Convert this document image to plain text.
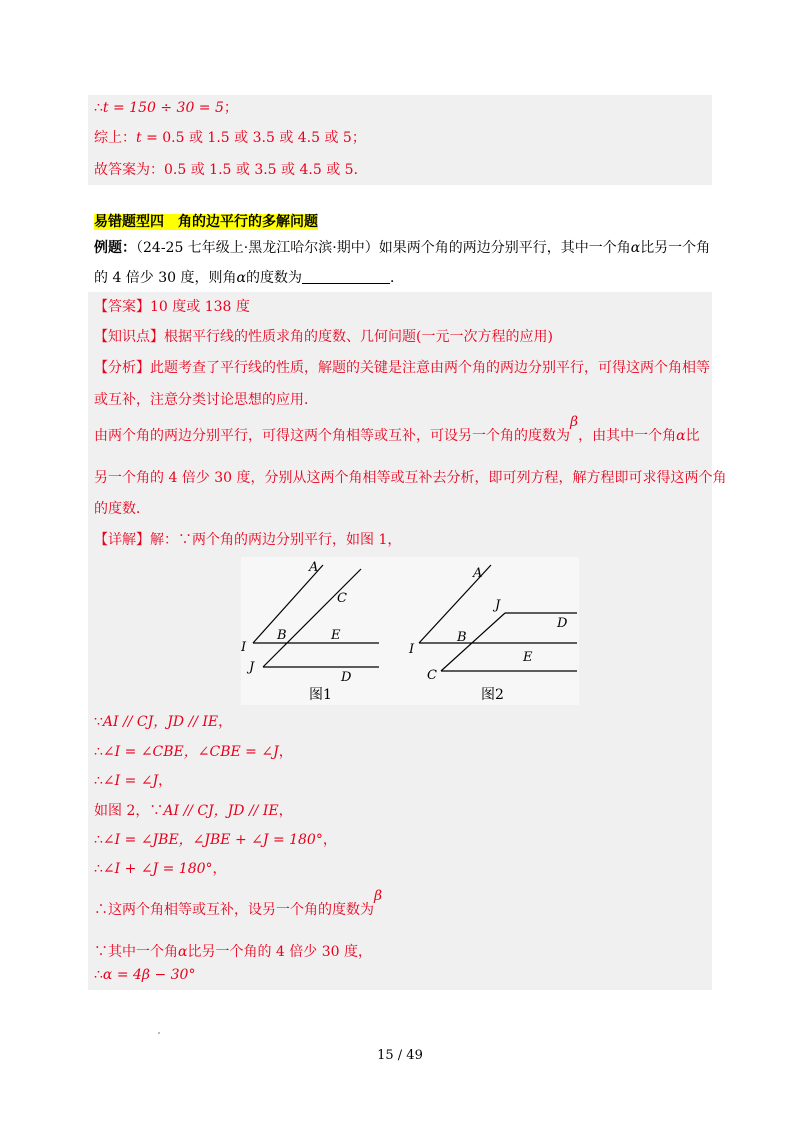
∴t = 150 ÷ 30 = 5；
综上：t = 0.5 或 1.5 或 3.5 或 4.5 或 5；
故答案为：0.5 或 1.5 或 3.5 或 4.5 或 5．
易错题型四　角的边平行的多解问题
例题：（24-25 七年级上·黑龙江哈尔滨·期中）如果两个角的两边分别平行，其中一个角α比另一个角
的 4 倍少 30 度，则角α的度数为	．
【答案】10 度或 138 度
【知识点】根据平行线的性质求角的度数、几何问题(一元一次方程的应用)
【分析】此题考查了平行线的性质，解题的关键是注意由两个角的两边分别平行，可得这两个角相等
或互补，注意分类讨论思想的应用．
由两个角的两边分别平行，可得这两个角相等或互补，可设另一个角的度数为β，由其中一个角α比
另一个角的 4 倍少 30 度，分别从这两个角相等或互补去分析，即可列方程，解方程即可求得这两个角
的度数．
【详解】解：∵两个角的两边分别平行，如图 1，
A
C
I
B	E
J
D
图1
A
J
D
I
B
E
C
图2
∵AI // CJ，JD // IE，
∴∠I = ∠CBE，∠CBE = ∠J，
∴∠I = ∠J，
如图 2，∵AI // CJ，JD // IE，
∴∠I = ∠JBE，∠JBE + ∠J = 180°，
∴∠I + ∠J = 180°，
∴这两个角相等或互补，设另一个角的度数为β
∵其中一个角α比另一个角的 4 倍少 30 度，
∴α = 4β − 30°
15 / 49
